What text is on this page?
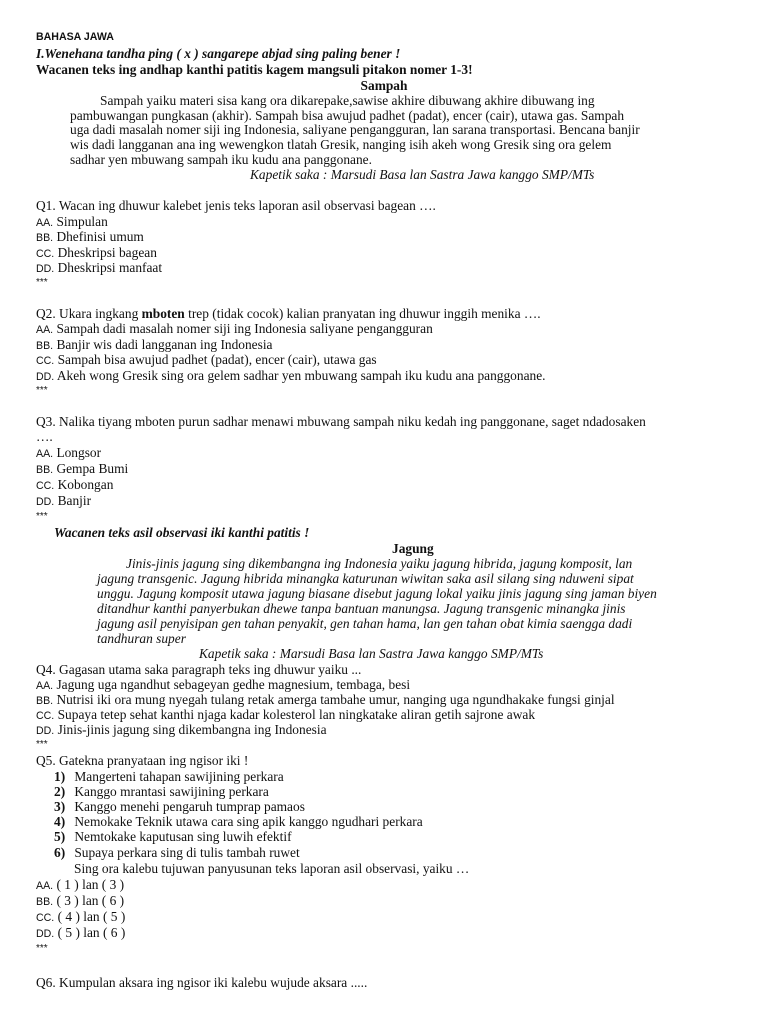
BAHASA JAWA
I.Wenehana tandha ping ( x ) sangarepe abjad sing paling bener !
Wacanen teks ing andhap kanthi patitis kagem mangsuli pitakon nomer 1-3!
Sampah
Sampah yaiku materi sisa kang ora dikarepake,sawise akhire dibuwang akhire dibuwang ing
pambuwangan pungkasan (akhir). Sampah bisa awujud padhet (padat), encer (cair), utawa gas. Sampah
uga dadi masalah nomer siji ing Indonesia, saliyane pengangguran, lan sarana transportasi. Bencana banjir
wis dadi langganan ana ing wewengkon tlatah Gresik, nanging isih akeh wong Gresik sing ora gelem
sadhar yen mbuwang sampah iku kudu ana panggonane.
Kapetik saka : Marsudi Basa lan Sastra Jawa kanggo SMP/MTs
Q1. Wacan ing dhuwur kalebet jenis teks laporan asil observasi bagean ….
AA. Simpulan
BB. Dhefinisi umum
CC. Dheskripsi bagean
DD. Dheskripsi manfaat
***
Q2. Ukara ingkang mboten trep (tidak cocok) kalian pranyatan ing dhuwur inggih menika ….
AA. Sampah dadi masalah nomer siji ing Indonesia saliyane pengangguran
BB. Banjir wis dadi langganan ing Indonesia
CC. Sampah bisa awujud padhet (padat), encer (cair), utawa gas
DD. Akeh wong Gresik sing ora gelem sadhar yen mbuwang sampah iku kudu ana panggonane.
***
Q3. Nalika tiyang mboten purun sadhar menawi mbuwang sampah niku kedah ing panggonane, saget ndadosaken
….
AA. Longsor
BB. Gempa Bumi
CC. Kobongan
DD. Banjir
***
Wacanen teks asil observasi iki kanthi patitis !
Jagung
Jinis-jinis jagung sing dikembangna ing Indonesia yaiku jagung hibrida, jagung komposit, lan
jagung transgenic. Jagung hibrida minangka katurunan wiwitan saka asil silang sing nduweni sipat
unggu. Jagung komposit utawa jagung biasane disebut jagung lokal yaiku jinis jagung sing jaman biyen
ditandhur kanthi panyerbukan dhewe tanpa bantuan manungsa. Jagung transgenic minangka jinis
jagung asil penyisipan gen tahan penyakit, gen tahan hama, lan gen tahan obat kimia saengga dadi
tandhuran super
Kapetik saka : Marsudi Basa lan Sastra Jawa kanggo SMP/MTs
Q4. Gagasan utama saka paragraph teks ing dhuwur yaiku ...
AA. Jagung uga ngandhut sebageyan gedhe magnesium, tembaga, besi
BB. Nutrisi iki ora mung nyegah tulang retak amerga tambahe umur, nanging uga ngundhakake fungsi ginjal
CC. Supaya tetep sehat kanthi njaga kadar kolesterol lan ningkatake aliran getih sajrone awak
DD. Jinis-jinis jagung sing dikembangna ing Indonesia
***
Q5. Gatekna pranyataan ing ngisor iki !
1) Mangerteni tahapan sawijining perkara
2) Kanggo mrantasi sawijining perkara
3) Kanggo menehi pengaruh tumprap pamaos
4) Nemokake Teknik utawa cara sing apik kanggo ngudhari perkara
5) Nemtokake kaputusan sing luwih efektif
6) Supaya perkara sing di tulis tambah ruwet
Sing ora kalebu tujuwan panyusunan teks laporan asil observasi, yaiku …
AA. ( 1 ) lan ( 3 )
BB. ( 3 ) lan ( 6 )
CC. ( 4 ) lan ( 5 )
DD. ( 5 ) lan ( 6 )
***
Q6. Kumpulan aksara ing ngisor iki kalebu wujude aksara .....
